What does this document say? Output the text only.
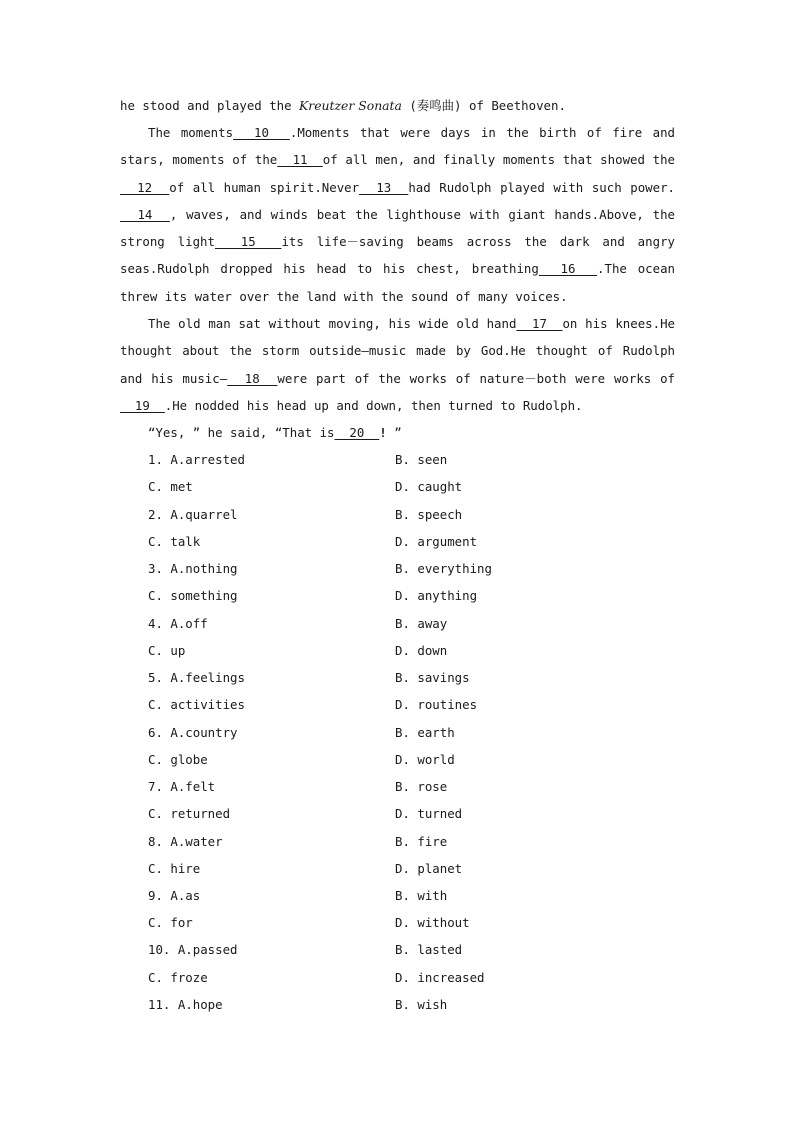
he stood and played the Kreutzer Sonata (奏鸣曲) of Beethoven.

The moments  10  .Moments that were days in the birth of fire and stars, moments of the  11  of all men, and finally moments that showed the  12  of all human spirit.Never  13  had Rudolph played with such power.  14  , waves, and winds beat the lighthouse with giant hands.Above, the strong light  15  its life－saving beams across the dark and angry seas.Rudolph dropped his head to his chest, breathing  16  .The ocean threw its water over the land with the sound of many voices.

The old man sat without moving, his wide old hand  17  on his knees.He thought about the storm outside—music made by God.He thought of Rudolph and his music—  18  were part of the works of nature－both were works of  19  .He nodded his head up and down, then turned to Rudolph.

“Yes, ” he said, “That is  20  ! ”

1. A.arrested	B. seen
C. met	D. caught
2. A.quarrel	B. speech
C. talk	D. argument
3. A.nothing	B. everything
C. something	D. anything
4. A.off	B. away
C. up	D. down
5. A.feelings	B. savings
C. activities	D. routines
6. A.country	B. earth
C. globe	D. world
7. A.felt	B. rose
C. returned	D. turned
8. A.water	B. fire
C. hire	D. planet
9. A.as	B. with
C. for	D. without
10. A.passed	B. lasted
C. froze	D. increased
11. A.hope	B. wish
